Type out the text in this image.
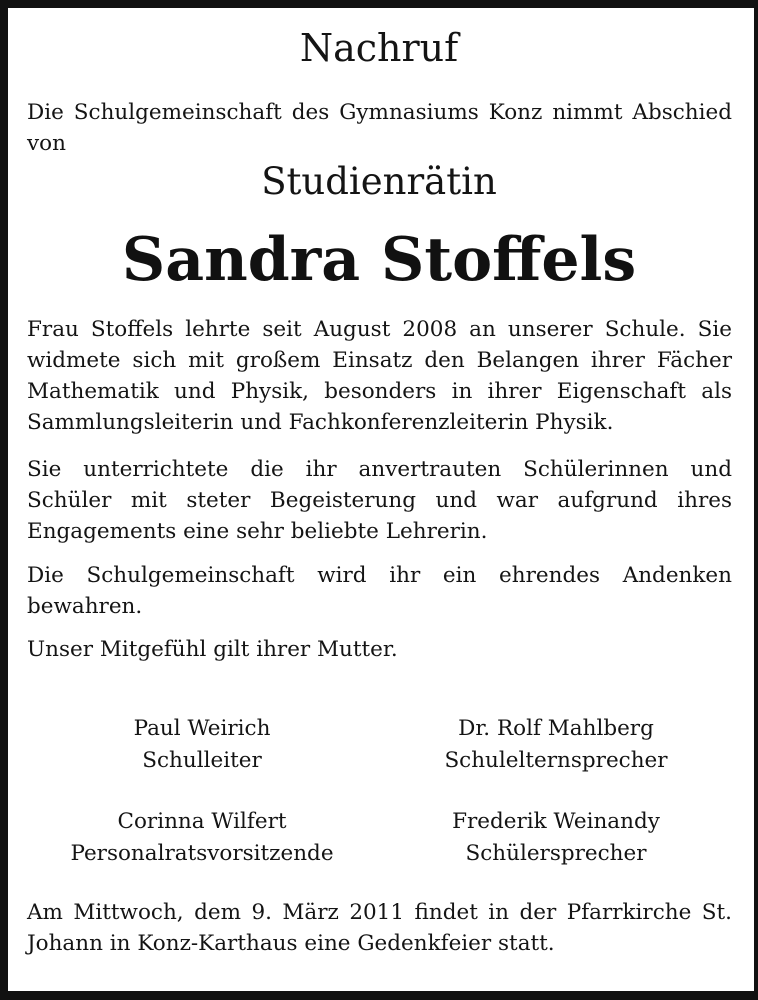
Nachruf

Die Schulgemeinschaft des Gymnasiums Konz nimmt Abschied von

Studienrätin
Sandra Stoffels

Frau Stoffels lehrte seit August 2008 an unserer Schule. Sie widmete sich mit großem Einsatz den Belangen ihrer Fächer Mathematik und Physik, besonders in ihrer Eigenschaft als Sammlungsleiterin und Fachkonferenzleiterin Physik.

Sie unterrichtete die ihr anvertrauten Schülerinnen und Schüler mit steter Begeisterung und war aufgrund ihres Engagements eine sehr beliebte Lehrerin.

Die Schulgemeinschaft wird ihr ein ehrendes Andenken bewahren.

Unser Mitgefühl gilt ihrer Mutter.

Paul Weirich
Schulleiter
Dr. Rolf Mahlberg
Schulelternsprecher
Corinna Wilfert
Personalratsvorsitzende
Frederik Weinandy
Schülersprecher

Am Mittwoch, dem 9. März 2011 findet in der Pfarrkirche St. Johann in Konz-Karthaus eine Gedenkfeier statt.
